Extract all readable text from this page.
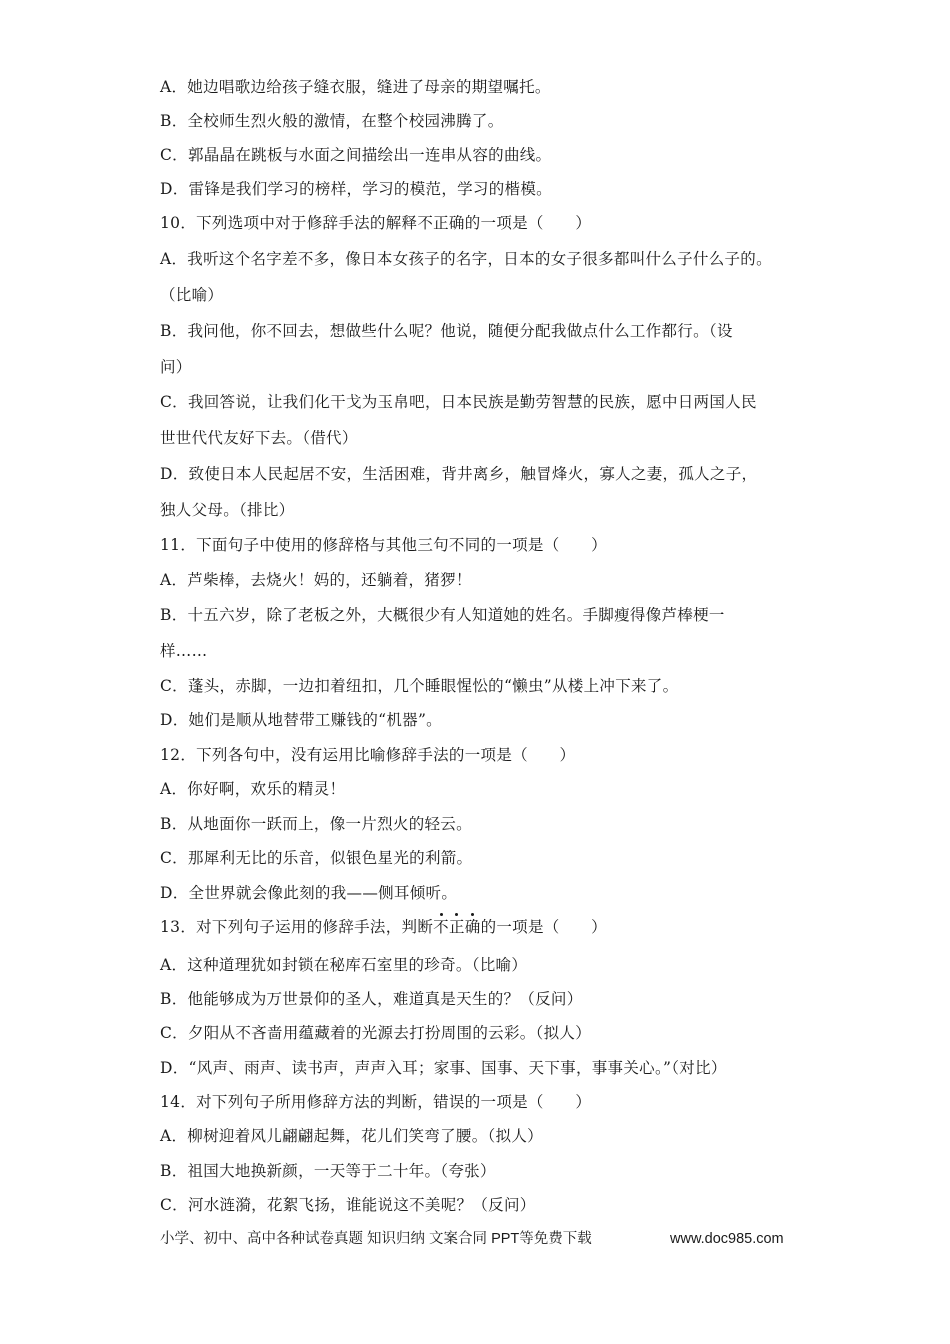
A．她边唱歌边给孩子缝衣服，缝进了母亲的期望嘱托。
B．全校师生烈火般的激情，在整个校园沸腾了。
C．郭晶晶在跳板与水面之间描绘出一连串从容的曲线。
D．雷锋是我们学习的榜样，学习的模范，学习的楷模。
10．下列选项中对于修辞手法的解释不正确的一项是（　　）
A．我听这个名字差不多，像日本女孩子的名字，日本的女子很多都叫什么子什么子的。
（比喻）
B．我问他，你不回去，想做些什么呢？他说，随便分配我做点什么工作都行。（设
问）
C．我回答说，让我们化干戈为玉帛吧，日本民族是勤劳智慧的民族，愿中日两国人民
世世代代友好下去。（借代）
D．致使日本人民起居不安，生活困难，背井离乡，触冒烽火，寡人之妻，孤人之子，
独人父母。（排比）
11．下面句子中使用的修辞格与其他三句不同的一项是（　　）
A．芦柴棒，去烧火！妈的，还躺着，猪猡！
B．十五六岁，除了老板之外，大概很少有人知道她的姓名。手脚瘦得像芦棒梗一
样……
C．蓬头，赤脚，一边扣着纽扣，几个睡眼惺忪的“懒虫”从楼上冲下来了。
D．她们是顺从地替带工赚钱的“机器”。
12．下列各句中，没有运用比喻修辞手法的一项是（　　）
A．你好啊，欢乐的精灵！
B．从地面你一跃而上，像一片烈火的轻云。
C．那犀利无比的乐音，似银色星光的利箭。
D．全世界就会像此刻的我——侧耳倾听。
13．对下列句子运用的修辞手法，判断不正确的一项是（　　）
A．这种道理犹如封锁在秘库石室里的珍奇。（比喻）
B．他能够成为万世景仰的圣人，难道真是天生的？（反问）
C．夕阳从不吝啬用蕴藏着的光源去打扮周围的云彩。（拟人）
D．“风声、雨声、读书声，声声入耳；家事、国事、天下事，事事关心。”（对比）
14．对下列句子所用修辞方法的判断，错误的一项是（　　）
A．柳树迎着风儿翩翩起舞，花儿们笑弯了腰。（拟人）
B．祖国大地换新颜，一天等于二十年。（夸张）
C．河水涟漪，花絮飞扬，谁能说这不美呢？（反问）
小学、初中、高中各种试卷真题 知识归纳 文案合同 PPT等免费下载	www.doc985.com
